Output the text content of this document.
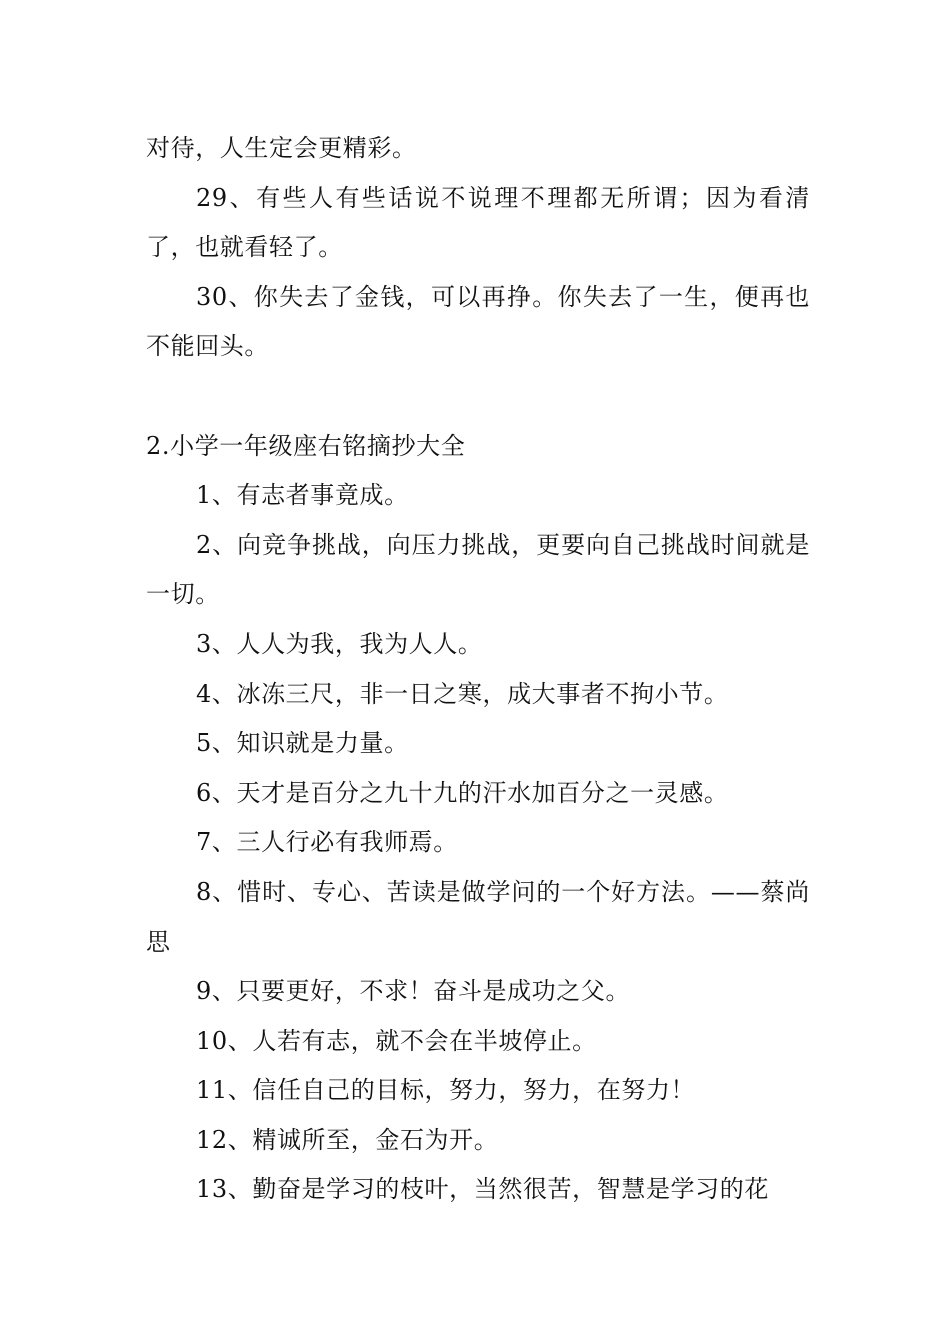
对待，人生定会更精彩。

29、有些人有些话说不说理不理都无所谓；因为看清了，也就看轻了。

30、你失去了金钱，可以再挣。你失去了一生，便再也不能回头。

2.小学一年级座右铭摘抄大全

1、有志者事竟成。

2、向竞争挑战，向压力挑战，更要向自己挑战时间就是一切。

3、人人为我，我为人人。

4、冰冻三尺，非一日之寒，成大事者不拘小节。

5、知识就是力量。

6、天才是百分之九十九的汗水加百分之一灵感。

7、三人行必有我师焉。

8、惜时、专心、苦读是做学问的一个好方法。——蔡尚思

9、只要更好，不求！奋斗是成功之父。

10、人若有志，就不会在半坡停止。

11、信任自己的目标，努力，努力，在努力！

12、精诚所至，金石为开。

13、勤奋是学习的枝叶，当然很苦，智慧是学习的花
